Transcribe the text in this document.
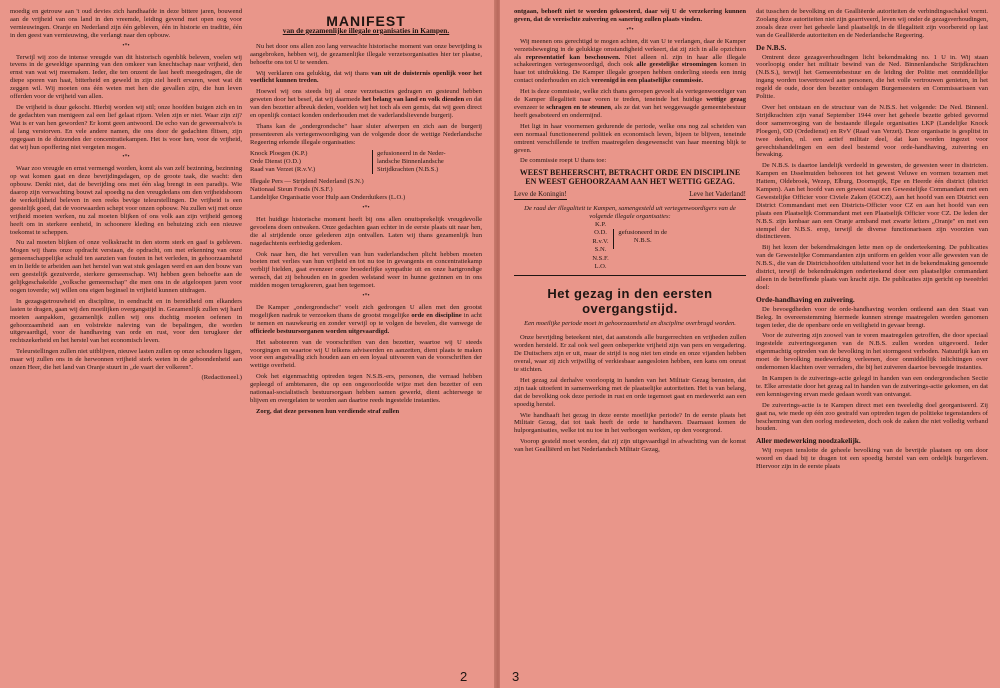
moedig en getrouw aan 't oud devies zich handhaafde in deze bittere jaren, bouwend aan de vrijheid van ons land in den vreemde, leiding gevend met open oog voor vernieuwingen. Oranje en Nederland zijn één gebleven, één in historie en traditie, één in den geest van vernieuwing, die verlangt naar den opbouw.

•*•

Terwijl wij zoo de intense vreugde van dit historisch ogenblik beleven, voelen wij tevens in de geweldige spanning van den omkeer van knechtschap naar vrijheid, den ernst van wat wij meemaken. Ieder, die ten onzent de last heeft meegedragen, die de diepe sporen van haat, bitterheid en geweld in zijn ziel heeft ervaren, weet wat dit zeggen wil. Wij moeten ons één weten met hen die gevallen zijn, die hun leven offerden voor de vrijheid van allen.

De vrijheid is duur gekocht. Hierbij worden wij stil; onze hoofden buigen zich en in de gedachten van menigeen zal een lief gelaat rijzen. Velen zijn er niet. Waar zijn zij? Wat is er van hen geworden? Er komt geen antwoord. De echo van de geweersalvo's is al lang verstorven. En vele andere namen, die ons door de gedachten flitsen, zijn opgegaan in de duizenden der concentratiekampen. Het is voor hen, voor de vrijheid, dat wij hun opoffering niet vergeten mogen.

•*•

Waar zoo vreugde en ernst vermengd worden, komt als van zelf bezinning, bezinning op wat komen gaat en deze bevrijdingsdagen, op de groote taak, die wacht: den opbouw. Denkt niet, dat de bevrijding ons met één slag brengt in een paradijs. Wie daarop zijn verwachting bouwt zal spoedig na den vreugdedans om den vrijheidsboom de werkelijkheid beleven in een reeks bevige teleurstellingen. De vrijheid is een geestelijk goed, dat de voorwaarden schept voor onzen opbouw. Nu zullen wij met onze vrijheid moeten werken, nu zal moeten blijken of ons volk aan zijn vrijheid genoeg heeft om in sterkere eenheid, in schoonere kleding en behuizing zich een nieuwe toekomst te scheppen.

Nu zal moeten blijken of onze volkskracht in den storm sterk en gaaf is gebleven. Mogen wij thans onze opdracht verstaan, de opdracht, om met erkenning van onze gemeenschappelijke schuld ten aanzien van fouten in het verleden, in gehoorzaamheid en in liefde te arbeiden aan het herstel van wat stuk geslagen werd en aan den bouw van een geestelijk gezuiverde, sterkere gemeenschap. Wij hebben geen behoefte aan de gelijkgeschakelde „volksche gemeenschap" die men ons in de afgeloopen jaren voor oogen toverde; wij willen ons eigen beginsel in vrijheid kunnen uitdragen.

In gezagsgetrouwheid en discipline, in eendracht en in bereidheid om elkanders lasten te dragen, gaan wij den moeilijken overgangstijd in. Gezamenlijk zullen wij hard moeten aanpakken, gezamenlijk zullen wij ons duchtig moeten oefenen in gehoorzaamheid aan en volstrekte naleving van de bepalingen, die worden uitgevaardigd, voor de handhaving van orde en rust, voor den terugkeer der rechtszekerheid en het herstel van het economisch leven.

Teleurstellingen zullen niet uitblijven, nieuwe lasten zullen op onze schouders liggen, maar wij zullen ons in de herwonnen vrijheid sterk weten in de geboondenheid aan onzen Heer, die het land van Oranje stuurt in „de vaart der volkeren".

(Redactioneel.)
MANIFEST
van de gezamenlijke illegale organisaties in Kampen.

Nu het door ons allen zoo lang verwachte historische moment van onze bevrijding is aangebroken, hebben wij, de gezamenlijke illegale verzetsorganisaties hier ter plaatse, behoefte ons tot U te wenden.

Wij verklaren ons gelukkig, dat wij thans van uit de duisternis openlijk voor het voetlicht kunnen treden.

Hoewel wij ons steeds bij al onze verzetsacties gedragen en gesteund hebben geweten door het besef, dat wij daarmede het belang van land en volk dienden en dat van den bezetter afbreuk deden, voelden wij het toch als een gemis, dat wij geen direct en openlijk contact konden onderhouden met de vaderlandslievende burgerij.

Thans kan de „ondergrondsche" haar sluier afwerpen en zich aan de burgerij presenteeren als vertegenwoordiging van de volgende door de wettige Nederlandsche Regeering erkende illegale organisaties:

Knock Ploegen (K.P.)
Orde Dienst (O.D.)
Raad van Verzet (R.v.V.)
gefusioneerd in de Neder-
landsche Binnenlandsche
Strijdkrachten (N.B.S.)
Illegale Pers — Strijdend Nederland (S.N.)
Nationaal Steun Fonds (N.S.F.)
Landelijke Organisatie voor Hulp aan Onderduikers (L.O.)
•*•

Het huidige historische moment heeft bij ons allen onuitsprekelijk vreugdevolle gevoelens doen ontwaken. Onze gedachten gaan echter in de eerste plaats uit naar hen, die al strijdende onze gelederen zijn ontvallen. Laten wij thans gezamenlijk hun nagedachtenis eerbiedig gedenken.

Ook naar hen, die het vervullen van hun vaderlandschen plicht hebben moeten boeten met verlies van hun vrijheid en tot nu toe in gevangenis en concentratiekamp verblijf hielden, gaat evenzeer onze broederlijke sympathie uit en onze hartgrondige wensch, dat zij behouden en in goeden welstand weer in hunne gezinnen en in ons midden mogen terugkeeren, gaat hen tegemoet.

•*•

De Kamper „ondergrondsche" voelt zich gedrongen U allen met den grootst mogelijken nadruk te verzoeken thans de grootst mogelijke orde en discipline in acht te nemen en nauwkeurig en zonder verwijl op te volgen de bevelen, die vanwege de officieele bestuursorganen worden uitgevaardigd.

Het saboteeren van de voorschriften van den bezetter, waartoe wij U steeds voorgingen en waartoe wij U telkens adviseerden en aanzetten, dient plaats te maken voor een angstvallig zich houden aan en een loyaal uitvoeren van de voorschriften der wettige overheid.

Ook het eigenmachtig optreden tegen N.S.B.-ers, personen, die verraad hebben gepleegd of ambtenaren, die op een ongeoorloofde wijze met den bezetter of een nationaal-socialistisch bestuursorgaan hebben samen gewerkt, dient achterwege te blijven en overgelaten te worden aan daartoe reeds ingestelde instanties.

Zorg, dat deze personen hun verdiende straf zullen

2

ontgaan, behoeft niet te worden gekoesterd, daar wij U de verzekering kunnen geven, dat de vereischte zuivering en sanering zullen plaats vinden.

•*•

Wij meenen ons gerechtigd te mogen achten, dit van U te verlangen, daar de Kamper verzetsbeweging in de gelukkige omstandigheid verkeert, dat zij zich in alle opzichten als representatief kan beschouwen. Niet alleen nl. zijn in haar alle illegale schakeeringen vertegenwoordigd, doch ook alle geestelijke stroomingen komen in haar tot uitdrukking. De Kamper illegale groepen hebben onderling steeds een innig contact onderhouden en zich vereenigd in een plaatselijke commissie.

Het is deze commissie, welke zich thans geroepen gevoelt als vertegenwoordiger van de Kamper illegaliteit naar voren te treden, teneinde het huidige wettige gezag evenzeer te schragen en te steunen, als ze dat van het weggevaagde gemeentebestuur heeft gesaboteerd en ondermijnd.

Het ligt in haar voornemen gedurende de periode, welke ons nog zal scheiden van een normaal functioneerend politiek en economisch leven, bijeen te blijven, teneinde omtrent verschillende te treffen maatregelen desgewenscht van haar meening blijk te geven.

De commissie roept U thans toe:

WEEST BEHEERSCHT, BETRACHT ORDE EN DISCIPLINE EN WEEST GEHOORZAAM AAN HET WETTIG GEZAG.
Leve de Koningin!	Leve het Vaderland!
De raad der illegaliteit te Kampen, samengesteld uit vertegenwoordigers van de volgende illegale organisaties:
K.P.
O.D.
R.v.V.
S.N.
N.S.F.
L.O.
gefusioneerd in de N.B.S.
Het gezag in den eersten overgangstijd.
Een moeilijke periode moet in gehoorzaamheid en discipline overbrugd worden.

Onze bevrijding beteekent niet, dat aanstonds alle burgerrechten en vrijheden zullen worden hersteld. Er zal ook wel geen onbeperkte vrijheid zijn van pers en vergadering. De Duitschers zijn er uit, maar de strijd is nog niet ten einde en onze vijanden hebben overal, waar zij zich vrijwillig of verkiesbaar aangesloten hebben, een kans om onrust te stichten.

Het gezag zal derhalve voorloopig in handen van het Militair Gezag berusten, dat zijn taak uitoefent in samenwerking met de plaatselijke autoriteiten. Het is van belang, dat de bevolking ook deze periode in rust en orde tegemoet gaat en medewerkt aan een spoedig herstel.

Wie handhaaft het gezag in deze eerste moeilijke periode? In de eerste plaats het Militair Gezag, dat tot taak heeft de orde te handhaven. Daarnaast komen de hulporganisaties, welke tot nu toe in het verborgen werkten, op den voorgrond.

Voorop gesteld moet worden, dat zij zijn uitgevaardigd in afwachting van de komst van het Gealliëerd en het Nederlandsch Militair Gezag,

dat tusschen de bevolking en de Gealliëerde autoriteiten de verbindingsschakel vormt. Zoolang deze autoriteiten niet zijn gearriveerd, leven wij onder de gezagsverhoudingen, zooals deze over het geheele land plaatselijk in de illegaliteit zijn voorbereid op last van de Gealliëerde autoriteiten en de Nederlandsche Regeering.

De N.B.S.

Omtrent deze gezagsverhoudingen licht bekendmaking no. 1 U in. Wij staan voorloopig onder het militair bewind van de Ned. Binnenlandsche Strijdkrachten (N.B.S.), terwijl het Gemeentebestuur en de leiding der Politie met onmiddellijke ingang worden toevertrouwd aan personen, die het volle vertrouwen genieten, in het regeld de oude, door den bezetter ontslagen Burgemeesters en Commissarissen van Politie.

Over het ontstaan en de structuur van de N.B.S. het volgende: De Ned. Binnenl. Strijdkrachten zijn vanaf September 1944 over het geheele bezette gebied gevormd door samenvoeging van de bestaande illegale organisaties LKP (Landelijke Knock Ploegen), OD (Ordedienst) en RvV (Raad van Verzet). Deze organisatie is gesplitst in twee deelen, nl. een actief militair deel, dat kan worden ingezet voor gevechtshandelingen en een deel bestemd voor orde-handhaving, zuivering en bewaking.

De N.B.S. is daartoe landelijk verdeeld in gewesten, de gewesten weer in districten. Kampen en IJsselmuiden behooren tot het gewest Veluwe en vormen tezamen met Hattem, Oldebroek, Wezep, Elburg, Doornspijk, Epe en Heerde één district (district Kampen). Aan het hoofd van een gewest staat een Gewestelijke Commandant met een Gewestelijke Officier voor Civiele Zaken (GOCZ), aan het hoofd van een District een District Commandant met een Districts-Officier voor CZ en aan het hoofd van een plaats een Plaatselijk Commandant met een Plaatselijk Officier voor CZ. De leden der N.B.S. zijn kenbaar aan een Oranje armband met zwarte letters „Oranje" en met een stempel der N.B.S. erop, terwijl de diverse functionarissen zijn voorzien van distinctieven.

Bij het lezen der bekendmakingen lette men op de onderteekening. De publicaties van de Gewestelijke Commandanten zijn uniform en gelden voor alle gewesten van de N.B.S., die van de Districtshoofden uitsluitend voor het in de bekendmaking genoemde district, terwijl de bekendmakingen onderteekend door een plaatselijke commandant alleen in de betreffende plaats van kracht zijn. De publicaties zijn gericht op tweeërlei doel:

Orde-handhaving en zuivering.

De bevoegdheden voor de orde-handhaving worden ontleend aan den Staat van Beleg. In overeenstemming hiermede kunnen strenge maatregelen worden genomen tegen ieder, die de openbare orde en veiligheid in gevaar brengt.

Voor de zuivering zijn zoowel van te voren maatregelen getroffen, die door speciaal ingestelde zuiveringsorganen van de N.B.S. zullen worden uitgevoerd. Ieder eigenmachtig optreden van de bevolking in het stormgeest verboden. Natuurlijk kan en moet de bevolking medewerking verleenen, door onmiddellijk inlichtingen over ondernomen klachten over verraders, die bij het zuiveren daartoe bevoegde instanties.

In Kampen is de zuiverings-actie gelegd in handen van een ondergrondschen Sectie te. Elke arrestatie door het gezag zal in handen van de zuiverings-actie gekomen, en dat een kennisgeving ervan mede gedaan wordt van ontvangst.

De zuiverings-actie is te Kampen direct met een tweeledig doel georganiseerd. Zij gaat na, wie mede op één zoo gestrafd van optreden tegen de politieke tegenstanders of bescherming van den oorlog medeweten, doch ook de zaken die niet volledig verband houden.

Aller medewerking noodzakelijk.

Wij roepen tenslotte de geheele bevolking van de bevrijde plaatsen op om door woord en daad bij te dragen tot een spoedig herstel van een ordelijk burgerleven. Hiervoor zijn in de eerste plaats

3
